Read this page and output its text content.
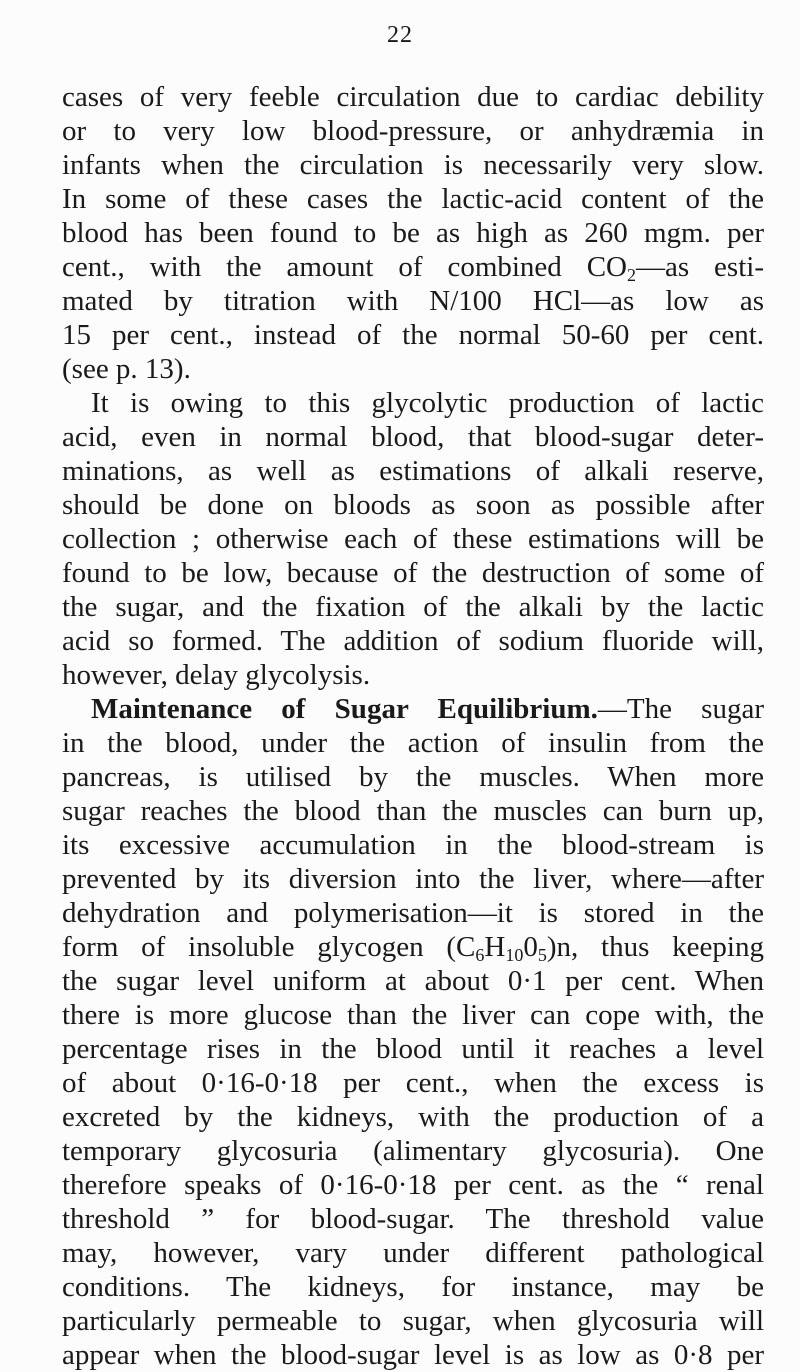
22
cases of very feeble circulation due to cardiac debility
or to very low blood-pressure, or anhydræmia in
infants when the circulation is necessarily very slow.
In some of these cases the lactic-acid content of the
blood has been found to be as high as 260 mgm. per
cent., with the amount of combined $CO_2—as$ esti-
mated by titration with N/100 HCl—as low as
15 per cent., instead of the normal 50-60 per cent.
(see p. 13).
It is owing to this glycolytic production of lactic
acid, even in normal blood, that blood-sugar deter-
minations, as well as estimations of alkali reserve,
should be done on bloods as soon as possible after
collection ; otherwise each of these estimations will be
found to be low, because of the destruction of some of
the sugar, and the fixation of the alkali by the lactic
acid so formed. The addition of sodium fluoride will,
however, delay glycolysis.
Maintenance of Sugar Equilibrium.—The sugar
in the blood, under the action of insulin from the
pancreas, is utilised by the muscles. When more
sugar reaches the blood than the muscles can burn up,
its excessive accumulation in the blood-stream is
prevented by its diversion into the liver, where—after
dehydration and polymerisation—it is stored in the
form of insoluble glycogen $(C_6H_{10}0_5)n$, thus keeping
the sugar level uniform at about 0·1 per cent. When
there is more glucose than the liver can cope with, the
percentage rises in the blood until it reaches a level
of about 0·16-0·18 per cent., when the excess is
excreted by the kidneys, with the production of a
temporary glycosuria (alimentary glycosuria). One
therefore speaks of 0·16-0·18 per cent. as the “ renal
threshold ” for blood-sugar. The threshold value
may, however, vary under different pathological
conditions. The kidneys, for instance, may be
particularly permeable to sugar, when glycosuria will
appear when the blood-sugar level is as low as 0·8 per
